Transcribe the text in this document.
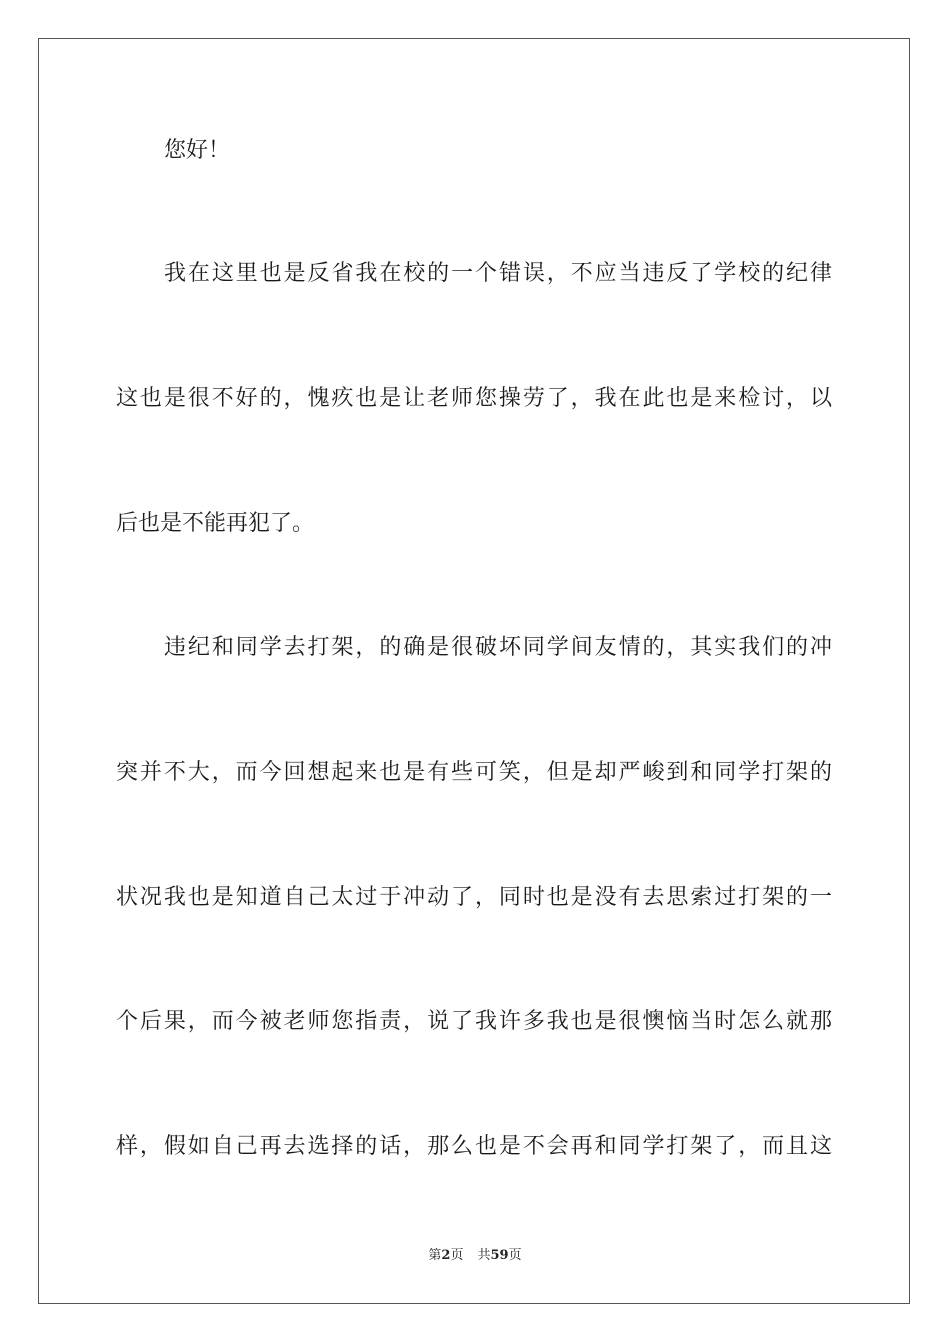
您好！
我在这里也是反省我在校的一个错误，不应当违反了学校的纪律
这也是很不好的，愧疚也是让老师您操劳了，我在此也是来检讨，以
后也是不能再犯了。
违纪和同学去打架，的确是很破坏同学间友情的，其实我们的冲
突并不大，而今回想起来也是有些可笑，但是却严峻到和同学打架的
状况我也是知道自己太过于冲动了，同时也是没有去思索过打架的一
个后果，而今被老师您指责，说了我许多我也是很懊恼当时怎么就那
样，假如自己再去选择的话，那么也是不会再和同学打架了，而且这
第2页 共59页
